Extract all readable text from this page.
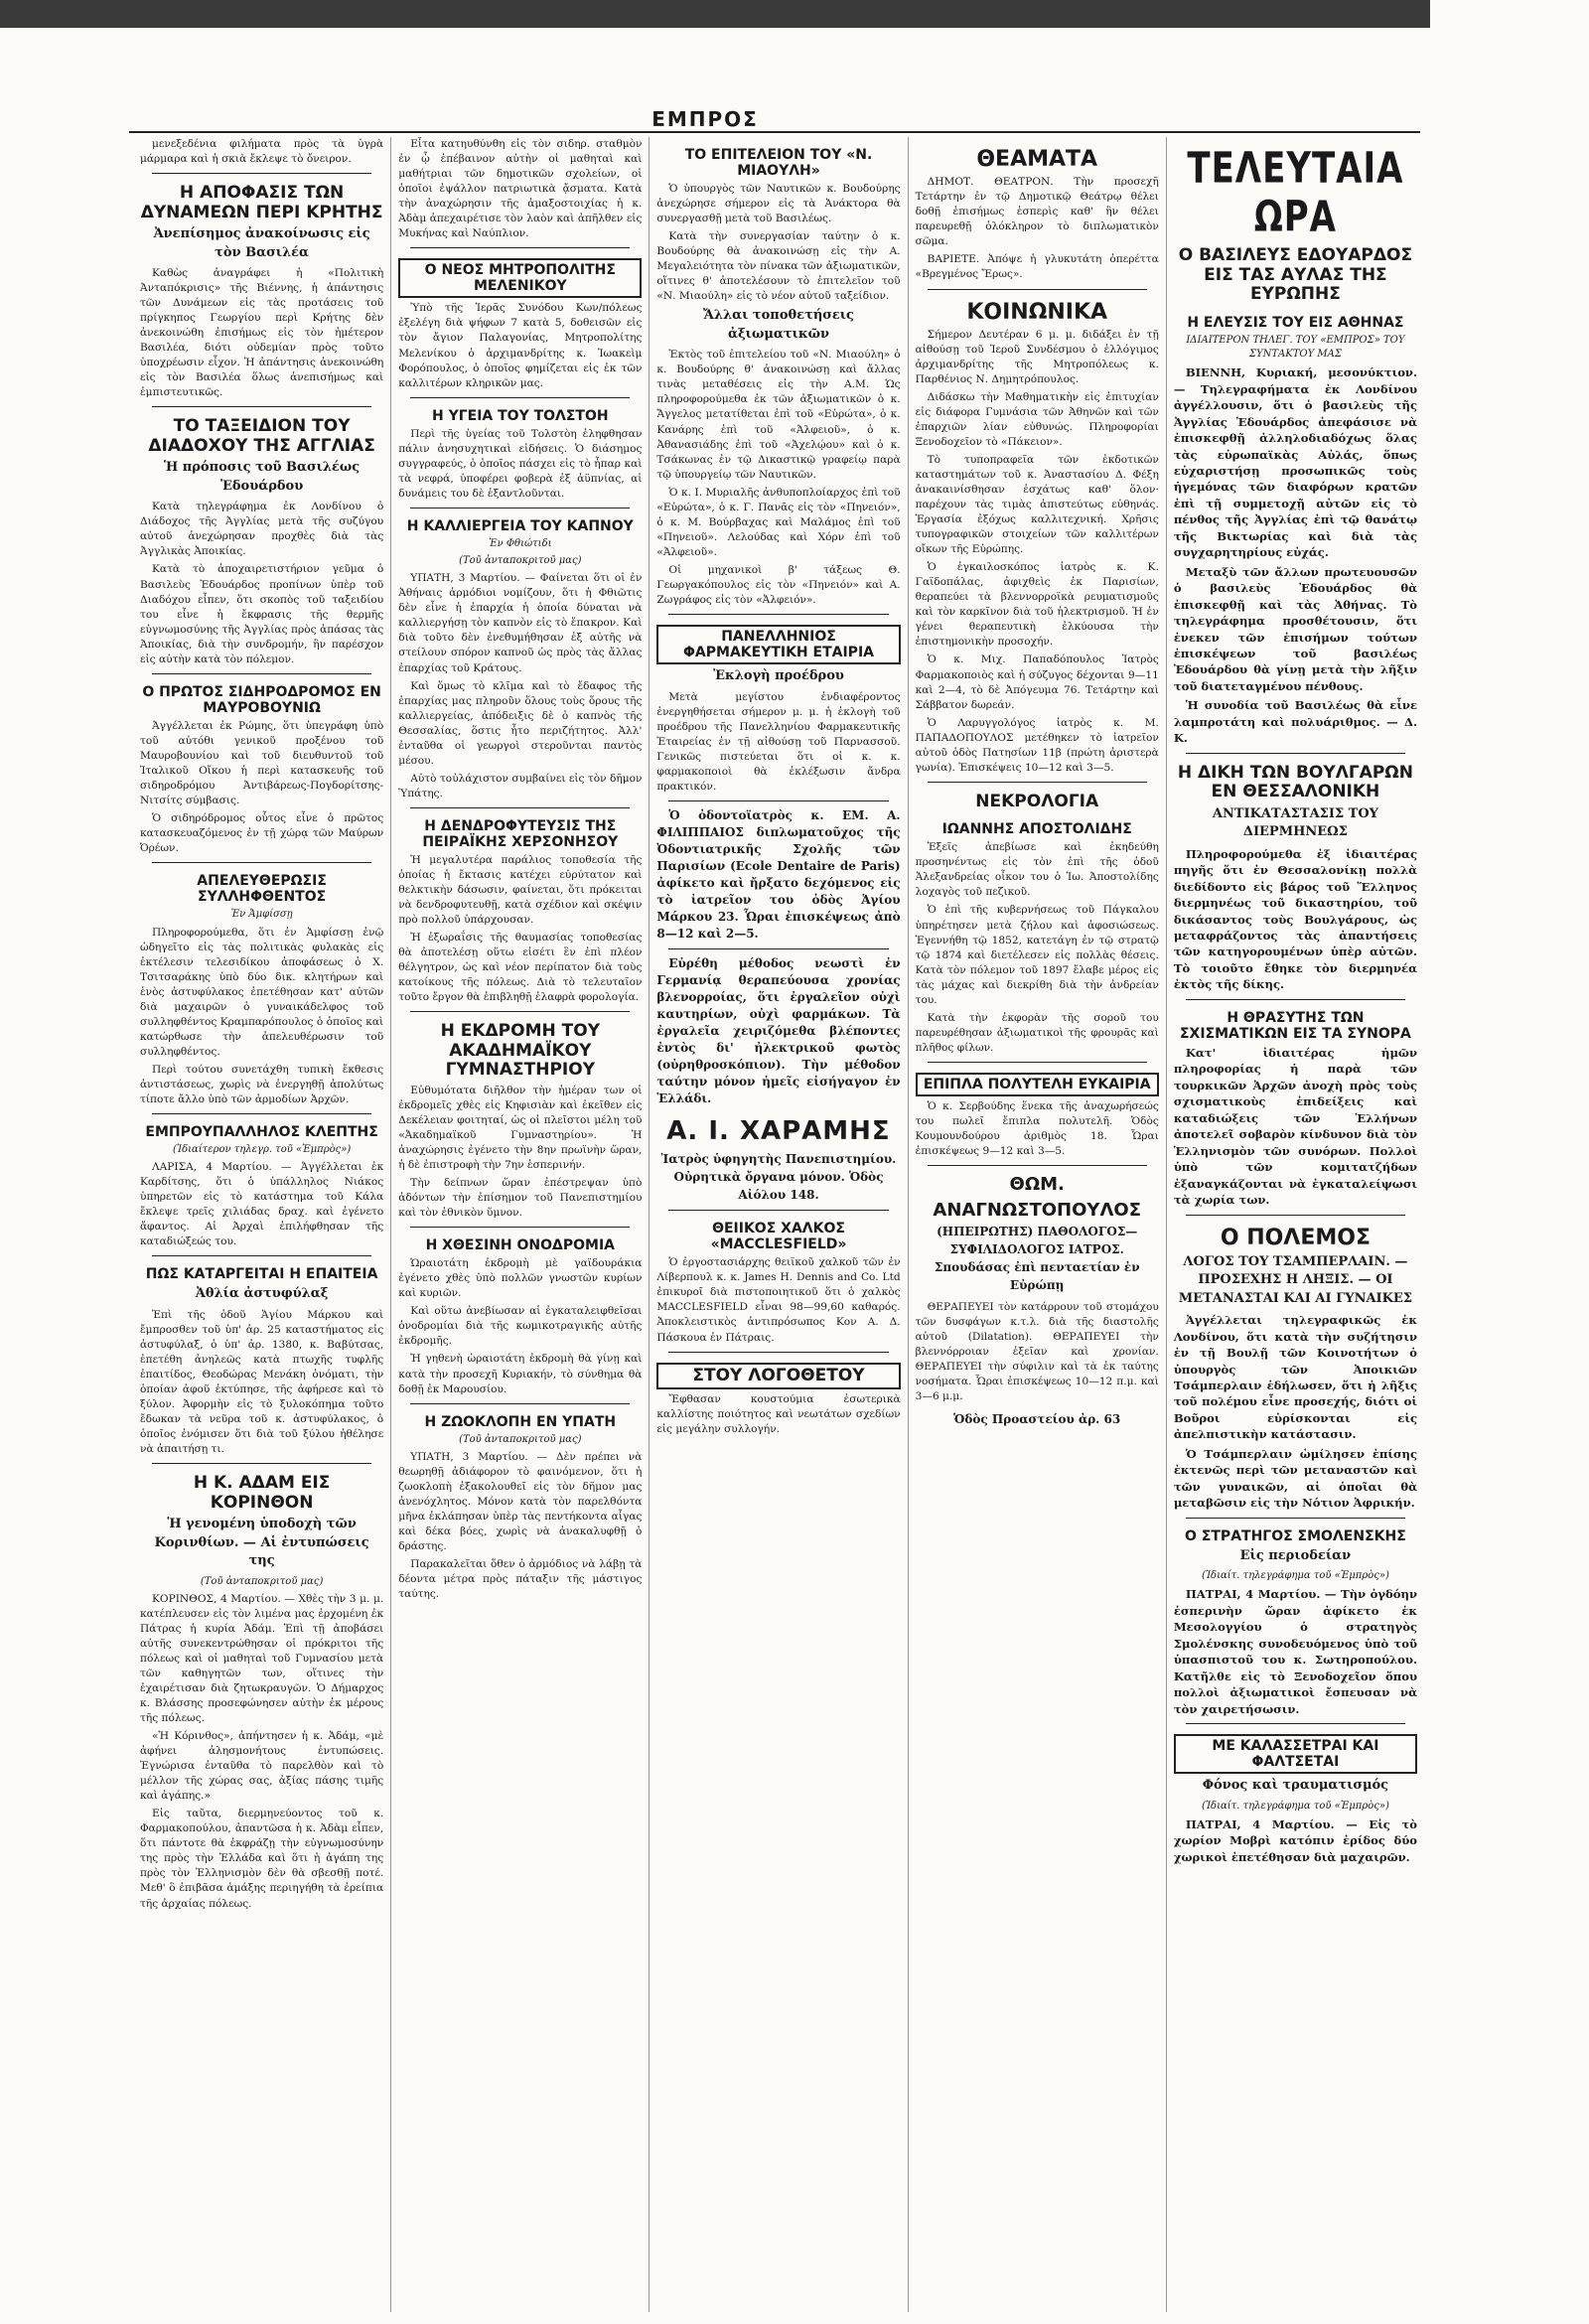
ΕΜΠΡΟΣ

μενεξεδένια φιλήματα πρὸς τὰ ὑγρὰ μάρμαρα καὶ ἡ σκιὰ ἔκλεψε τὸ ὄνειρον.

Η ΑΠΟΦΑΣΙΣ ΤΩΝ ΔΥΝΑΜΕΩΝ ΠΕΡΙ ΚΡΗΤΗΣ
Ἀνεπίσημος ἀνακοίνωσις εἰς τὸν Βασιλέα

Καθὼς ἀναγράφει ἡ «Πολιτικὴ Ἀνταπόκρισις» τῆς Βιέννης, ἡ ἀπάντησις τῶν Δυνάμεων εἰς τὰς προτάσεις τοῦ πρίγκηπος Γεωργίου περὶ Κρήτης δὲν ἀνεκοινώθη ἐπισήμως εἰς τὸν ἡμέτερον Βασιλέα, διότι οὐδεμίαν πρὸς τοῦτο ὑποχρέωσιν εἶχον. Ἡ ἀπάντησις ἀνεκοινώθη εἰς τὸν Βασιλέα ὅλως ἀνεπισήμως καὶ ἐμπιστευτικῶς.

ΤΟ ΤΑΞΕΙΔΙΟΝ ΤΟΥ ΔΙΑΔΟΧΟΥ ΤΗΣ ΑΓΓΛΙΑΣ
Ἡ πρόποσις τοῦ Βασιλέως Ἐδουάρδου

Κατὰ τηλεγράφημα ἐκ Λονδίνου ὁ Διάδοχος τῆς Ἀγγλίας μετὰ τῆς συζύγου αὐτοῦ ἀνεχώρησαν προχθὲς διὰ τὰς Ἀγγλικὰς Ἀποικίας.

Κατὰ τὸ ἀποχαιρετιστήριον γεῦμα ὁ Βασιλεὺς Ἐδουάρδος προπίνων ὑπὲρ τοῦ Διαδόχου εἶπεν, ὅτι σκοπὸς τοῦ ταξειδίου του εἶνε ἡ ἔκφρασις τῆς θερμῆς εὐγνωμοσύνης τῆς Ἀγγλίας πρὸς ἁπάσας τὰς Ἀποικίας, διὰ τὴν συνδρομήν, ἣν παρέσχον εἰς αὐτὴν κατὰ τὸν πόλεμον.

Ο ΠΡΩΤΟΣ ΣΙΔΗΡΟΔΡΟΜΟΣ ΕΝ ΜΑΥΡΟΒΟΥΝΙΩ

Ἀγγέλλεται ἐκ Ρώμης, ὅτι ὑπεγράφη ὑπὸ τοῦ αὐτόθι γενικοῦ προξένου τοῦ Μαυροβουνίου καὶ τοῦ διευθυντοῦ τοῦ Ἰταλικοῦ Οἴκου ἡ περὶ κατασκευῆς τοῦ σιδηροδρόμου Ἀντιβάρεως-Πογδορίτσης-Νιτσίτς σύμβασις.

Ὁ σιδηρόδρομος οὗτος εἶνε ὁ πρῶτος κατασκευαζόμενος ἐν τῇ χώρᾳ τῶν Μαύρων Ὀρέων.

ΑΠΕΛΕΥΘΕΡΩΣΙΣ ΣΥΛΛΗΦΘΕΝΤΟΣ
Ἐν Ἀμφίσσῃ

Πληροφορούμεθα, ὅτι ἐν Ἀμφίσσῃ ἐνῷ ὡδηγεῖτο εἰς τὰς πολιτικὰς φυλακὰς εἰς ἐκτέλεσιν τελεσιδίκου ἀποφάσεως ὁ Χ. Τσιτσαράκης ὑπὸ δύο δικ. κλητήρων καὶ ἑνὸς ἀστυφύλακος ἐπετέθησαν κατ' αὐτῶν διὰ μαχαιρῶν ὁ γυναικάδελφος τοῦ συλληφθέντος Κραμπαρόπουλος ὁ ὁποῖος καὶ κατώρθωσε τὴν ἀπελευθέρωσιν τοῦ συλληφθέντος.

Περὶ τούτου συνετάχθη τυπικὴ ἔκθεσις ἀντιστάσεως, χωρὶς νὰ ἐνεργηθῇ ἀπολύτως τίποτε ἄλλο ὑπὸ τῶν ἁρμοδίων Ἀρχῶν.

ΕΜΠΡΟΥΠΑΛΛΗΛΟΣ ΚΛΕΠΤΗΣ
(Ἰδιαίτερον τηλεγρ. τοῦ «Ἐμπρὸς»)

ΛΑΡΙΣΑ, 4 Μαρτίου. — Ἀγγέλλεται ἐκ Καρδίτσης, ὅτι ὁ ὑπάλληλος Νιάκος ὑπηρετῶν εἰς τὸ κατάστημα τοῦ Κάλα ἔκλεψε τρεῖς χιλιάδας δραχ. καὶ ἐγένετο ἄφαντος. Αἱ Ἀρχαὶ ἐπιλήφθησαν τῆς καταδιώξεώς του.

ΠΩΣ ΚΑΤΑΡΓΕΙΤΑΙ Η ΕΠΑΙΤΕΙΑ
Ἀθλία ἀστυφύλαξ

Ἐπὶ τῆς ὁδοῦ Ἁγίου Μάρκου καὶ ἔμπροσθεν τοῦ ὑπ' ἀρ. 25 καταστήματος εἰς ἀστυφύλαξ, ὁ ὑπ' ἀρ. 1380, κ. Βαβύτσας, ἐπετέθη ἀνηλεῶς κατὰ πτωχῆς τυφλῆς ἐπαιτίδος, Θεοδώρας Μενάκη ὀνόματι, τὴν ὁποίαν ἀφοῦ ἐκτύπησε, τῆς ἀφήρεσε καὶ τὸ ξύλον. Ἀφορμὴν εἰς τὸ ξυλοκόπημα τοῦτο ἔδωκαν τὰ νεῦρα τοῦ κ. ἀστυφύλακος, ὁ ὁποῖος ἐνόμισεν ὅτι διὰ τοῦ ξύλου ἠθέλησε νὰ ἀπαιτήσῃ τι.

Η Κ. ΑΔΑΜ ΕΙΣ ΚΟΡΙΝΘΟΝ
Ἡ γενομένη ὑποδοχὴ τῶν Κορινθίων. — Αἱ ἐντυπώσεις της
(Τοῦ ἀνταποκριτοῦ μας)

ΚΟΡΙΝΘΟΣ, 4 Μαρτίου. — Χθὲς τὴν 3 μ. μ. κατέπλευσεν εἰς τὸν λιμένα μας ἐρχομένη ἐκ Πάτρας ἡ κυρία Ἀδάμ. Ἐπὶ τῇ ἀποβάσει αὐτῆς συνεκεντρώθησαν οἱ πρόκριτοι τῆς πόλεως καὶ οἱ μαθηταὶ τοῦ Γυμνασίου μετὰ τῶν καθηγητῶν των, οἵτινες τὴν ἐχαιρέτισαν διὰ ζητωκραυγῶν. Ὁ Δήμαρχος κ. Βλάσσης προσεφώνησεν αὐτὴν ἐκ μέρους τῆς πόλεως.

«Ἡ Κόρινθος», ἀπήντησεν ἡ κ. Ἀδάμ, «μὲ ἀφήνει ἀλησμονήτους ἐντυπώσεις. Ἐγνώρισα ἐνταῦθα τὸ παρελθὸν καὶ τὸ μέλλον τῆς χώρας σας, ἀξίας πάσης τιμῆς καὶ ἀγάπης.»

Εἰς ταῦτα, διερμηνεύοντος τοῦ κ. Φαρμακοπούλου, ἀπαντῶσα ἡ κ. Ἀδὰμ εἶπεν, ὅτι πάντοτε θὰ ἐκφράζῃ τὴν εὐγνωμοσύνην της πρὸς τὴν Ἑλλάδα καὶ ὅτι ἡ ἀγάπη της πρὸς τὸν Ἑλληνισμὸν δὲν θὰ σβεσθῇ ποτέ. Μεθ' ὃ ἐπιβᾶσα ἁμάξης περιηγήθη τὰ ἐρείπια τῆς ἀρχαίας πόλεως.

Εἶτα κατηυθύνθη εἰς τὸν σιδηρ. σταθμὸν ἐν ᾧ ἐπέβαινον αὐτὴν οἱ μαθηταὶ καὶ μαθήτριαι τῶν δημοτικῶν σχολείων, οἱ ὁποῖοι ἐψάλλον πατριωτικὰ ᾄσματα. Κατὰ τὴν ἀναχώρησιν τῆς ἀμαξοστοιχίας ἡ κ. Ἀδὰμ ἀπεχαιρέτισε τὸν λαὸν καὶ ἀπῆλθεν εἰς Μυκήνας καὶ Ναύπλιον.

Ο ΝΕΟΣ ΜΗΤΡΟΠΟΛΙΤΗΣ ΜΕΛΕΝΙΚΟΥ

Ὑπὸ τῆς Ἱερᾶς Συνόδου Κων/πόλεως ἐξελέγη διὰ ψήφων 7 κατὰ 5, δοθεισῶν εἰς τὸν ἄγιον Παλαγονίας, Μητροπολίτης Μελενίκου ὁ ἀρχιμανδρίτης κ. Ἰωακεὶμ Φορόπουλος, ὁ ὁποῖος φημίζεται εἰς ἐκ τῶν καλλιτέρων κληρικῶν μας.

Η ΥΓΕΙΑ ΤΟΥ ΤΟΛΣΤΟΗ

Περὶ τῆς ὑγείας τοῦ Τολστὸη ἐληφθησαν πάλιν ἀνησυχητικαὶ εἰδήσεις. Ὁ διάσημος συγγραφεύς, ὁ ὁποῖος πάσχει εἰς τὸ ἧπαρ καὶ τὰ νεφρά, ὑποφέρει φοβερὰ ἐξ ἀϋπνίας, αἱ δυνάμεις του δὲ ἐξαντλοῦνται.

Η ΚΑΛΛΙΕΡΓΕΙΑ ΤΟΥ ΚΑΠΝΟΥ
Ἐν Φθιώτιδι
(Τοῦ ἀνταποκριτοῦ μας)

ΥΠΑΤΗ, 3 Μαρτίου. — Φαίνεται ὅτι οἱ ἐν Ἀθήναις ἁρμόδιοι νομίζουν, ὅτι ἡ Φθιῶτις δὲν εἶνε ἡ ἐπαρχία ἡ ὁποία δύναται νὰ καλλιεργήσῃ τὸν καπνὸν εἰς τὸ ἔπακρον. Καὶ διὰ τοῦτο δὲν ἐνεθυμήθησαν ἐξ αὐτῆς νὰ στείλουν σπόρον καπνοῦ ὡς πρὸς τὰς ἄλλας ἐπαρχίας τοῦ Κράτους.

Καὶ ὅμως τὸ κλῖμα καὶ τὸ ἔδαφος τῆς ἐπαρχίας μας πληροῦν ὅλους τοὺς ὅρους τῆς καλλιεργείας, ἀπόδειξις δὲ ὁ καπνὸς τῆς Θεσσαλίας, ὅστις ἦτο περιζήτητος. Ἀλλ' ἐνταῦθα οἱ γεωργοὶ στεροῦνται παντὸς μέσου.

Αὐτὸ τοὐλάχιστον συμβαίνει εἰς τὸν δῆμον Ὑπάτης.

Η ΔΕΝΔΡΟΦΥΤΕΥΣΙΣ ΤΗΣ ΠΕΙΡΑΪΚΗΣ ΧΕΡΣΟΝΗΣΟΥ

Ἡ μεγαλυτέρα παράλιος τοποθεσία τῆς ὁποίας ἡ ἔκτασις κατέχει εὐρύτατον καὶ θελκτικὴν δάσωσιν, φαίνεται, ὅτι πρόκειται νὰ δενδροφυτευθῇ, κατὰ σχέδιον καὶ σκέψιν πρὸ πολλοῦ ὑπάρχουσαν.

Ἡ ἐξωραΐσις τῆς θαυμασίας τοποθεσίας θὰ ἀποτελέσῃ οὕτω εἰσέτι ἓν ἐπὶ πλέον θέλγητρον, ὡς καὶ νέον περίπατον διὰ τοὺς κατοίκους τῆς πόλεως. Διὰ τὸ τελευταῖον τοῦτο ἔργον θὰ ἐπιβληθῇ ἐλαφρὰ φορολογία.

Η ΕΚΔΡΟΜΗ ΤΟΥ ΑΚΑΔΗΜΑΪΚΟΥ ΓΥΜΝΑΣΤΗΡΙΟΥ

Εὐθυμότατα διῆλθον τὴν ἡμέραν των οἱ ἐκδρομεῖς χθὲς εἰς Κηφισιὰν καὶ ἐκεῖθεν εἰς Δεκέλειαν φοιτηταί, ὡς οἱ πλεῖστοι μέλη τοῦ «Ἀκαδημαϊκοῦ Γυμναστηρίου». Ἡ ἀναχώρησις ἐγένετο τὴν 8ην πρωϊνὴν ὥραν, ἡ δὲ ἐπιστροφὴ τὴν 7ην ἑσπερινήν.

Τὴν δείπνων ὥραν ἐπέστρεψαν ὑπὸ ἀδόντων τὴν ἐπίσημον τοῦ Πανεπιστημίου καὶ τὸν ἐθνικὸν ὕμνον.

Η ΧΘΕΣΙΝΗ ΟΝΟΔΡΟΜΙΑ

Ὡραιοτάτη ἐκδρομὴ μὲ γαϊδουράκια ἐγένετο χθὲς ὑπὸ πολλῶν γνωστῶν κυρίων καὶ κυριῶν.

Καὶ οὕτω ἀνεβίωσαν αἱ ἐγκαταλειφθεῖσαι ὀνοδρομίαι διὰ τῆς κωμικοτραγικῆς αὐτῆς ἐκδρομῆς.

Ἡ γηθενὴ ὡραιοτάτη ἐκδρομὴ θὰ γίνῃ καὶ κατὰ τὴν προσεχῆ Κυριακήν, τὸ σύνθημα θὰ δοθῇ ἐκ Μαρουσίου.

Η ΖΩΟΚΛΟΠΗ ΕΝ ΥΠΑΤΗ
(Τοῦ ἀνταποκριτοῦ μας)

ΥΠΑΤΗ, 3 Μαρτίου. — Δὲν πρέπει νὰ θεωρηθῇ ἀδιάφορον τὸ φαινόμενον, ὅτι ἡ ζωοκλοπὴ ἐξακολουθεῖ εἰς τὸν δῆμον μας ἀνενόχλητος. Μόνον κατὰ τὸν παρελθόντα μῆνα ἐκλάπησαν ὑπὲρ τὰς πεντήκοντα αἶγας καὶ δέκα βόες, χωρὶς νὰ ἀνακαλυφθῇ ὁ δράστης.

Παρακαλεῖται ὅθεν ὁ ἀρμόδιος νὰ λάβῃ τὰ δέοντα μέτρα πρὸς πάταξιν τῆς μάστιγος ταύτης.

ΤΟ ΕΠΙΤΕΛΕΙΟΝ ΤΟΥ «Ν. ΜΙΑΟΥΛΗ»

Ὁ ὑπουργὸς τῶν Ναυτικῶν κ. Βουδούρης ἀνεχώρησε σήμερον εἰς τὰ Ἀνάκτορα θὰ συνεργασθῇ μετὰ τοῦ Βασιλέως.

Κατὰ τὴν συνεργασίαν ταύτην ὁ κ. Βουδούρης θὰ ἀνακοινώσῃ εἰς τὴν Α. Μεγαλειότητα τὸν πίνακα τῶν ἀξιωματικῶν, οἵτινες θ' ἀποτελέσουν τὸ ἐπιτελεῖον τοῦ «Ν. Μιαούλη» εἰς τὸ νέον αὐτοῦ ταξείδιον.

Ἄλλαι τοποθετήσεις ἀξιωματικῶν

Ἐκτὸς τοῦ ἐπιτελείου τοῦ «Ν. Μιαούλη» ὁ κ. Βουδούρης θ' ἀνακοινώσῃ καὶ ἄλλας τινὰς μεταθέσεις εἰς τὴν Α.Μ. Ὡς πληροφορούμεθα ἐκ τῶν ἀξιωματικῶν ὁ κ. Ἄγγελος μετατίθεται ἐπὶ τοῦ «Εὐρώτα», ὁ κ. Κανάρης ἐπὶ τοῦ «Ἀλφειοῦ», ὁ κ. Ἀθανασιάδης ἐπὶ τοῦ «Ἀχελῴου» καὶ ὁ κ. Τσάκωνας ἐν τῷ Δικαστικῷ γραφείῳ παρὰ τῷ ὑπουργείῳ τῶν Ναυτικῶν.

Ὁ κ. Ι. Μυριαλῆς ἀνθυποπλοίαρχος ἐπὶ τοῦ «Εὐρώτα», ὁ κ. Γ. Πανᾶς εἰς τὸν «Πηνειόν», ὁ κ. Μ. Βούρβαχας καὶ Μαλάμος ἐπὶ τοῦ «Πηνειοῦ». Λελούδας καὶ Χόρν ἐπὶ τοῦ «Ἀλφειοῦ».

Οἱ μηχανικοὶ β' τάξεως Θ. Γεωργακόπουλος εἰς τὸν «Πηνειόν» καὶ Α. Ζωγράφος εἰς τὸν «Ἀλφειόν».

ΠΑΝΕΛΛΗΝΙΟΣ ΦΑΡΜΑΚΕΥΤΙΚΗ ΕΤΑΙΡΙΑ
Ἐκλογὴ προέδρου

Μετὰ μεγίστου ἐνδιαφέροντος ἐνεργηθήσεται σήμερον μ. μ. ἡ ἐκλογὴ τοῦ προέδρου τῆς Πανελληνίου Φαρμακευτικῆς Ἑταιρείας ἐν τῇ αἰθούσῃ τοῦ Παρνασσοῦ. Γενικῶς πιστεύεται ὅτι οἱ κ. κ. φαρμακοποιοὶ θὰ ἐκλέξωσιν ἄνδρα πρακτικόν.

Ὁ ὀδοντοϊατρὸς κ. ΕΜ. Α. ΦΙΛΙΠΠΑΙΟΣ διπλωματοῦχος τῆς Ὀδοντιατρικῆς Σχολῆς τῶν Παρισίων (Ecole Dentaire de Paris) ἀφίκετο καὶ ἤρξατο δεχόμενος εἰς τὸ ἰατρεῖον του ὁδὸς Ἁγίου Μάρκου 23. Ὧραι ἐπισκέψεως ἀπὸ 8—12 καὶ 2—5.

Εὑρέθη μέθοδος νεωστὶ ἐν Γερμανίᾳ θεραπεύουσα χρονίας βλενορροίας, ὅτι ἐργαλεῖον οὐχὶ καυτηρίων, οὐχὶ φαρμάκων. Τὰ ἐργαλεῖα χειριζόμεθα βλέποντες ἐντὸς δι' ἠλεκτρικοῦ φωτὸς (οὐρηθροσκόπιον). Τὴν μέθοδον ταύτην μόνον ἡμεῖς εἰσήγαγον ἐν Ἑλλάδι.

Α. Ι. ΧΑΡΑΜΗΣ
Ἰατρὸς ὑφηγητὴς Πανεπιστημίου. Οὐρητικὰ ὄργανα μόνον. Ὁδὸς Αἰόλου 148.
ΘΕΙΙΚΟΣ ΧΑΛΚΟΣ «MACCLESFIELD»

Ὁ ἐργοστασιάρχης θειϊκοῦ χαλκοῦ τῶν ἐν Λίβερπουλ κ. κ. James H. Dennis and Co. Ltd ἐπικυροῖ διὰ πιστοποιητικοῦ ὅτι ὁ χαλκὸς MACCLESFIELD εἶναι 98—99,60 καθαρός. Ἀποκλειστικὸς ἀντιπρόσωπος Κον Α. Δ. Πάσκουα ἐν Πάτραις.

ΣΤΟΥ ΛΟΓΟΘΕΤΟΥ

Ἔφθασαν κουστούμια ἐσωτερικὰ καλλίστης ποιότητος καὶ νεωτάτων σχεδίων εἰς μεγάλην συλλογήν.

ΘΕΑΜΑΤΑ

ΔΗΜΟΤ. ΘΕΑΤΡΟΝ. Τὴν προσεχῆ Τετάρτην ἐν τῷ Δημοτικῷ Θεάτρῳ θέλει δοθῇ ἐπισήμως ἑσπερὶς καθ' ἣν θέλει παρευρεθῇ ὁλόκληρον τὸ διπλωματικὸν σῶμα.

ΒΑΡΙΕΤΕ. Ἀπόψε ἡ γλυκυτάτη ὀπερέττα «Βρεγμένος Ἔρως».

ΚΟΙΝΩΝΙΚΑ

Σήμερον Δευτέραν 6 μ. μ. διδάξει ἐν τῇ αἰθούσῃ τοῦ Ἱεροῦ Συνδέσμου ὁ ἐλλόγιμος ἀρχιμανδρίτης τῆς Μητροπόλεως κ. Παρθένιος Ν. Δημητρόπουλος.

Διδάσκω τὴν Μαθηματικὴν εἰς ἐπιτυχίαν εἰς διάφορα Γυμνάσια τῶν Ἀθηνῶν καὶ τῶν ἐπαρχιῶν λίαν εὐθυνώς. Πληροφορίαι Ξενοδοχεῖον τὸ «Πάκειον».

Τὸ τυποπραφεῖα τῶν ἐκδοτικῶν καταστημάτων τοῦ κ. Ἀναστασίου Δ. Φέξη ἀνακαινίσθησαν ἐσχάτως καθ' ὅλον· παρέχουν τὰς τιμὰς ἀπιστεύτως εὐθηνάς. Ἐργασία ἐξόχως καλλιτεχνική. Χρῆσις τυπογραφικῶν στοιχείων τῶν καλλιτέρων οἴκων τῆς Εὐρώπης.

Ὁ ἐγκαιλοσκόπος ἰατρὸς κ. Κ. Γαϊδοπάλας, ἀφιχθεὶς ἐκ Παρισίων, θεραπεύει τὰ βλεννορροϊκὰ ρευματισμοῦς καὶ τὸν καρκῖνον διὰ τοῦ ἡλεκτρισμοῦ. Ἡ ἐν γένει θεραπευτικὴ ἐλκύουσα τὴν ἐπιστημονικὴν προσοχήν.

Ὁ κ. Μιχ. Παπαδόπουλος Ἰατρὸς Φαρμακοποιὸς καὶ ἡ σύζυγος δέχονται 9—11 καὶ 2—4, τὸ δὲ Ἀπόγευμα 76. Τετάρτην καὶ Σάββατον δωρεάν.

Ὁ Λαρυγγολόγος ἰατρὸς κ. Μ. ΠΑΠΑΔΟΠΟΥΛΟΣ μετέθηκεν τὸ ἰατρεῖον αὐτοῦ ὁδὸς Πατησίων 11β (πρώτη ἀριστερὰ γωνία). Ἐπισκέψεις 10—12 καὶ 3—5.

ΝΕΚΡΟΛΟΓΙΑ
ΙΩΑΝΝΗΣ ΑΠΟΣΤΟΛΙΔΗΣ

Ἐξεῖς ἀπεβίωσε καὶ ἐκηδεύθη προσηνέντως εἰς τὸν ἐπὶ τῆς ὁδοῦ Ἀλεξανδρείας οἶκον του ὁ Ἰω. Ἀποστολίδης λοχαγὸς τοῦ πεζικοῦ.

Ὁ ἐπὶ τῆς κυβερνήσεως τοῦ Πάγκαλου ὑπηρέτησεν μετὰ ζήλου καὶ ἀφοσιώσεως. Ἐγεννήθη τῷ 1852, κατετάγη ἐν τῷ στρατῷ τῷ 1874 καὶ διετέλεσεν εἰς πολλὰς θέσεις. Κατὰ τὸν πόλεμον τοῦ 1897 ἔλαβε μέρος εἰς τὰς μάχας καὶ διεκρίθη διὰ τὴν ἀνδρείαν του.

Κατὰ τὴν ἐκφορὰν τῆς σοροῦ του παρευρέθησαν ἀξιωματικοὶ τῆς φρουρᾶς καὶ πλῆθος φίλων.

ΕΠΙΠΛΑ ΠΟΛΥΤΕΛΗ ΕΥΚΑΙΡΙΑ

Ὁ κ. Σερβούδης ἕνεκα τῆς ἀναχωρήσεώς του πωλεῖ ἔπιπλα πολυτελῆ. Ὁδὸς Κουμουνδούρου ἀριθμὸς 18. Ὧραι ἐπισκέψεως 9—12 καὶ 3—5.

ΘΩΜ. ΑΝΑΓΝΩΣΤΟΠΟΥΛΟΣ
(ΗΠΕΙΡΩΤΗΣ) ΠΑΘΟΛΟΓΟΣ—ΣΥΦΙΛΙΔΟΛΟΓΟΣ ΙΑΤΡΟΣ. Σπουδάσας ἐπὶ πενταετίαν ἐν Εὐρώπῃ

ΘΕΡΑΠΕΥΕΙ τὸν κατάρρουν τοῦ στομάχου τῶν δυσφάγων κ.τ.λ. διὰ τῆς διαστολῆς αὐτοῦ (Dilatation). ΘΕΡΑΠΕΥΕΙ τὴν βλεννόρροιαν ἐξεῖαν καὶ χρονίαν. ΘΕΡΑΠΕΥΕΙ τὴν σύφιλιν καὶ τὰ ἐκ ταύτης νοσήματα. Ὧραι ἐπισκέψεως 10—12 π.μ. καὶ 3—6 μ.μ.

Ὁδὸς Προαστείου ἀρ. 63
ΤΕΛΕΥΤΑΙΑ ΩΡΑ
Ο ΒΑΣΙΛΕΥΣ ΕΔΟΥΑΡΔΟΣ ΕΙΣ ΤΑΣ ΑΥΛΑΣ ΤΗΣ ΕΥΡΩΠΗΣ
Η ΕΛΕΥΣΙΣ ΤΟΥ ΕΙΣ ΑΘΗΝΑΣ
ΙΔΙΑΙΤΕΡΟΝ ΤΗΛΕΓ. ΤΟΥ «ΕΜΠΡΟΣ» ΤΟΥ ΣΥΝΤΑΚΤΟΥ ΜΑΣ

ΒΙΕΝΝΗ, Κυριακή, μεσονύκτιον. — Τηλεγραφήματα ἐκ Λονδίνου ἀγγέλλουσιν, ὅτι ὁ βασιλεὺς τῆς Ἀγγλίας Ἐδουάρδος ἀπεφάσισε νὰ ἐπισκεφθῇ ἀλληλοδιαδόχως ὅλας τὰς εὐρωπαϊκὰς Αὐλάς, ὅπως εὐχαριστήσῃ προσωπικῶς τοὺς ἡγεμόνας τῶν διαφόρων κρατῶν ἐπὶ τῇ συμμετοχῇ αὐτῶν εἰς τὸ πένθος τῆς Ἀγγλίας ἐπὶ τῷ θανάτῳ τῆς Βικτωρίας καὶ διὰ τὰς συγχαρητηρίους εὐχάς.

Μεταξὺ τῶν ἄλλων πρωτευουσῶν ὁ βασιλεὺς Ἐδουάρδος θὰ ἐπισκεφθῇ καὶ τὰς Ἀθήνας. Τὸ τηλεγράφημα προσθέτουσιν, ὅτι ἐνεκεν τῶν ἐπισήμων τούτων ἐπισκέψεων τοῦ βασιλέως Ἐδουάρδου θὰ γίνῃ μετὰ τὴν λῆξιν τοῦ διατεταγμένου πένθους.

Ἡ συνοδία τοῦ Βασιλέως θὰ εἶνε λαμπροτάτη καὶ πολυάριθμος. — Δ. Κ.

Η ΔΙΚΗ ΤΩΝ ΒΟΥΛΓΑΡΩΝ ΕΝ ΘΕΣΣΑΛΟΝΙΚΗ
ΑΝΤΙΚΑΤΑΣΤΑΣΙΣ ΤΟΥ ΔΙΕΡΜΗΝΕΩΣ

Πληροφορούμεθα ἐξ ἰδιαιτέρας πηγῆς ὅτι ἐν Θεσσαλονίκῃ πολλὰ διεδίδοντο εἰς βάρος τοῦ Ἕλληνος διερμηνέως τοῦ δικαστηρίου, τοῦ δικάσαντος τοὺς Βουλγάρους, ὡς μεταφράζοντος τὰς ἀπαντήσεις τῶν κατηγορουμένων ὑπὲρ αὐτῶν. Τὸ τοιοῦτο ἔθηκε τὸν διερμηνέα ἐκτὸς τῆς δίκης.

Η ΘΡΑΣΥΤΗΣ ΤΩΝ ΣΧΙΣΜΑΤΙΚΩΝ ΕΙΣ ΤΑ ΣΥΝΟΡΑ

Κατ' ἰδιαιτέρας ἡμῶν πληροφορίας ἡ παρὰ τῶν τουρκικῶν Ἀρχῶν ἀνοχὴ πρὸς τοὺς σχισματικοὺς ἐπιδείξεις καὶ καταδιώξεις τῶν Ἑλλήνων ἀποτελεῖ σοβαρὸν κίνδυνον διὰ τὸν Ἑλληνισμὸν τῶν συνόρων. Πολλοὶ ὑπὸ τῶν κομιτατζήδων ἐξαναγκάζονται νὰ ἐγκαταλείψωσι τὰ χωρία των.

Ο ΠΟΛΕΜΟΣ
ΛΟΓΟΣ ΤΟΥ ΤΣΑΜΠΕΡΛΑΙΝ. — ΠΡΟΣΕΧΗΣ Η ΛΗΞΙΣ. — ΟΙ ΜΕΤΑΝΑΣΤΑΙ ΚΑΙ ΑΙ ΓΥΝΑΙΚΕΣ

Ἀγγέλλεται τηλεγραφικῶς ἐκ Λονδίνου, ὅτι κατὰ τὴν συζήτησιν ἐν τῇ Βουλῇ τῶν Κοινοτήτων ὁ ὑπουργὸς τῶν Ἀποικιῶν Τσάμπερλαιν ἐδήλωσεν, ὅτι ἡ λῆξις τοῦ πολέμου εἶνε προσεχής, διότι οἱ Βοῦροι εὑρίσκονται εἰς ἀπελπιστικὴν κατάστασιν.

Ὁ Τσάμπερλαιν ὡμίλησεν ἐπίσης ἐκτενῶς περὶ τῶν μεταναστῶν καὶ τῶν γυναικῶν, αἱ ὁποῖαι θὰ μεταβῶσιν εἰς τὴν Νότιον Ἀφρικήν.

Ο ΣΤΡΑΤΗΓΟΣ ΣΜΟΛΕΝΣΚΗΣ
Εἰς περιοδείαν
(Ἰδιαίτ. τηλεγράφημα τοῦ «Ἐμπρὸς»)

ΠΑΤΡΑΙ, 4 Μαρτίου. — Τὴν ὀγδόην ἑσπερινὴν ὥραν ἀφίκετο ἐκ Μεσολογγίου ὁ στρατηγὸς Σμολένσκης συνοδευόμενος ὑπὸ τοῦ ὑπασπιστοῦ του κ. Σωτηροπούλου. Κατῆλθε εἰς τὸ Ξενοδοχεῖον ὅπου πολλοὶ ἀξιωματικοὶ ἔσπευσαν νὰ τὸν χαιρετήσωσιν.

ΜΕ ΚΑΛΑΣΣΕΤΡΑΙ ΚΑΙ ΦΑΛΤΣΕΤΑΙ
Φόνος καὶ τραυματισμός
(Ἰδιαίτ. τηλεγράφημα τοῦ «Ἐμπρὸς»)

ΠΑΤΡΑΙ, 4 Μαρτίου. — Εἰς τὸ χωρίον Μοβρὶ κατόπιν ἐρίδος δύο χωρικοὶ ἐπετέθησαν διὰ μαχαιρῶν.
